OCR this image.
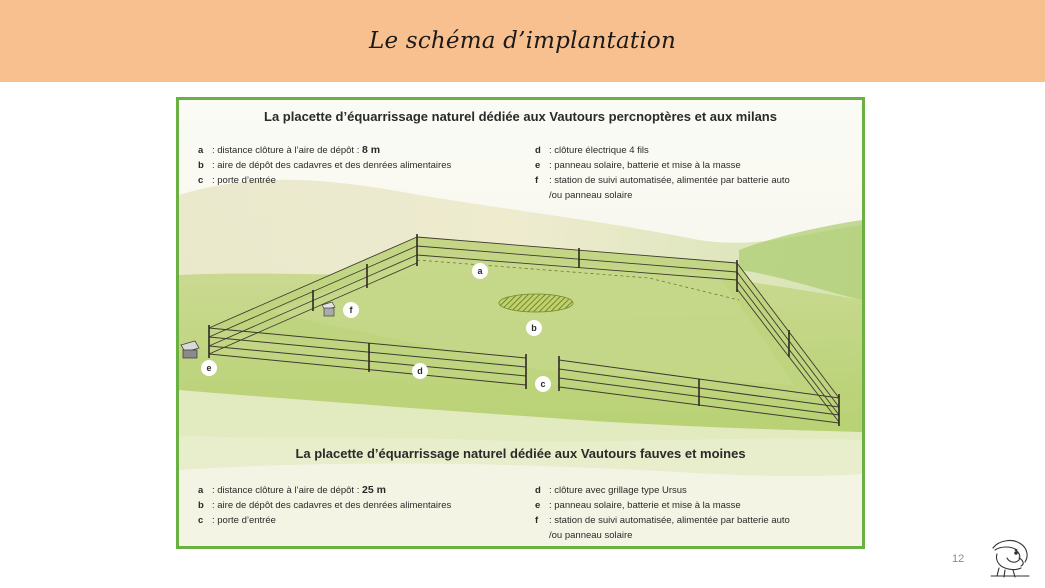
Le schéma d’implantation
a
b
c
d
e
f
La placette d’équarrissage naturel dédiée aux Vautours percnoptères et aux milans
a : distance clôture à l’aire de dépôt : 8 m
b : aire de dépôt des cadavres et des denrées alimentaires
c : porte d’entrée
d : clôture électrique 4 fils
e : panneau solaire, batterie et mise à la masse
f	: station de suivi automatisée, alimentée par batterie auto
/ou panneau solaire
La placette d’équarrissage naturel dédiée aux Vautours fauves et moines
a : distance clôture à l’aire de dépôt : 25 m
b : aire de dépôt des cadavres et des denrées alimentaires
c : porte d’entrée
d : clôture avec grillage type Ursus
e : panneau solaire, batterie et mise à la masse
f	: station de suivi automatisée, alimentée par batterie auto
/ou panneau solaire
12
